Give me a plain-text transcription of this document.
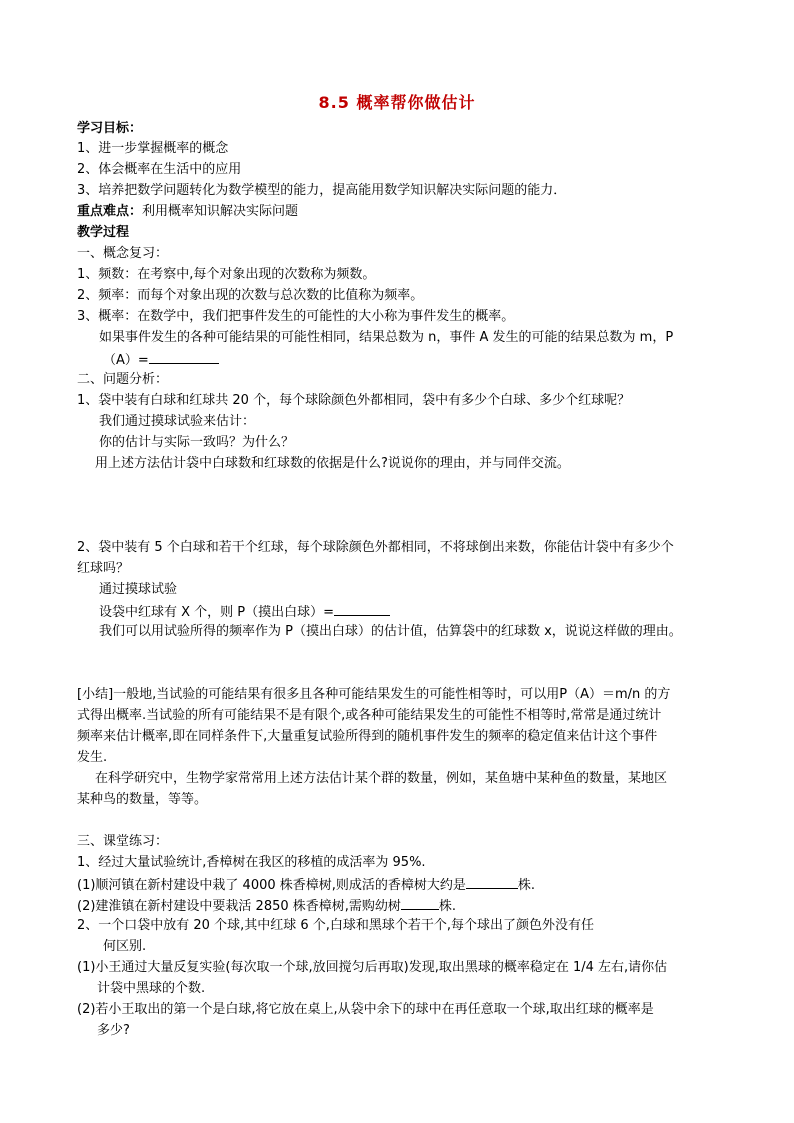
8.5 概率帮你做估计
学习目标：
1、进一步掌握概率的概念
2、体会概率在生活中的应用
3、培养把数学问题转化为数学模型的能力，提高能用数学知识解决实际问题的能力．
重点难点：利用概率知识解决实际问题
教学过程
一、概念复习：
1、频数：在考察中,每个对象出现的次数称为频数。
2、频率：而每个对象出现的次数与总次数的比值称为频率。
3、概率：在数学中，我们把事件发生的可能性的大小称为事件发生的概率。
如果事件发生的各种可能结果的可能性相同，结果总数为 n，事件 A 发生的可能的结果总数为 m，P
（A）=
二、问题分析：
1、袋中装有白球和红球共 20 个，每个球除颜色外都相同，袋中有多少个白球、多少个红球呢？
我们通过摸球试验来估计：
你的估计与实际一致吗？为什么？
用上述方法估计袋中白球数和红球数的依据是什么?说说你的理由，并与同伴交流。
2、袋中装有 5 个白球和若干个红球，每个球除颜色外都相同，不将球倒出来数，你能估计袋中有多少个
红球吗？
通过摸球试验
设袋中红球有 X 个，则 P（摸出白球）=
我们可以用试验所得的频率作为 P（摸出白球）的估计值，估算袋中的红球数 x，说说这样做的理由。
[小结]一般地,当试验的可能结果有很多且各种可能结果发生的可能性相等时，可以用P（A）＝m/n 的方
式得出概率.当试验的所有可能结果不是有限个,或各种可能结果发生的可能性不相等时,常常是通过统计
频率来估计概率,即在同样条件下,大量重复试验所得到的随机事件发生的频率的稳定值来估计这个事件
发生.
在科学研究中，生物学家常常用上述方法估计某个群的数量，例如，某鱼塘中某种鱼的数量，某地区
某种鸟的数量，等等。
三、课堂练习：
1、经过大量试验统计,香樟树在我区的移植的成活率为 95%.
(1)顺河镇在新村建设中栽了 4000 株香樟树,则成活的香樟树大约是	株.
(2)建淮镇在新村建设中要栽活 2850 株香樟树,需购幼树	株.
2、一个口袋中放有 20 个球,其中红球 6 个,白球和黑球个若干个,每个球出了颜色外没有任
何区别.
(1)小王通过大量反复实验(每次取一个球,放回搅匀后再取)发现,取出黑球的概率稳定在 1/4 左右,请你估
计袋中黑球的个数.
(2)若小王取出的第一个是白球,将它放在桌上,从袋中余下的球中在再任意取一个球,取出红球的概率是
多少?
